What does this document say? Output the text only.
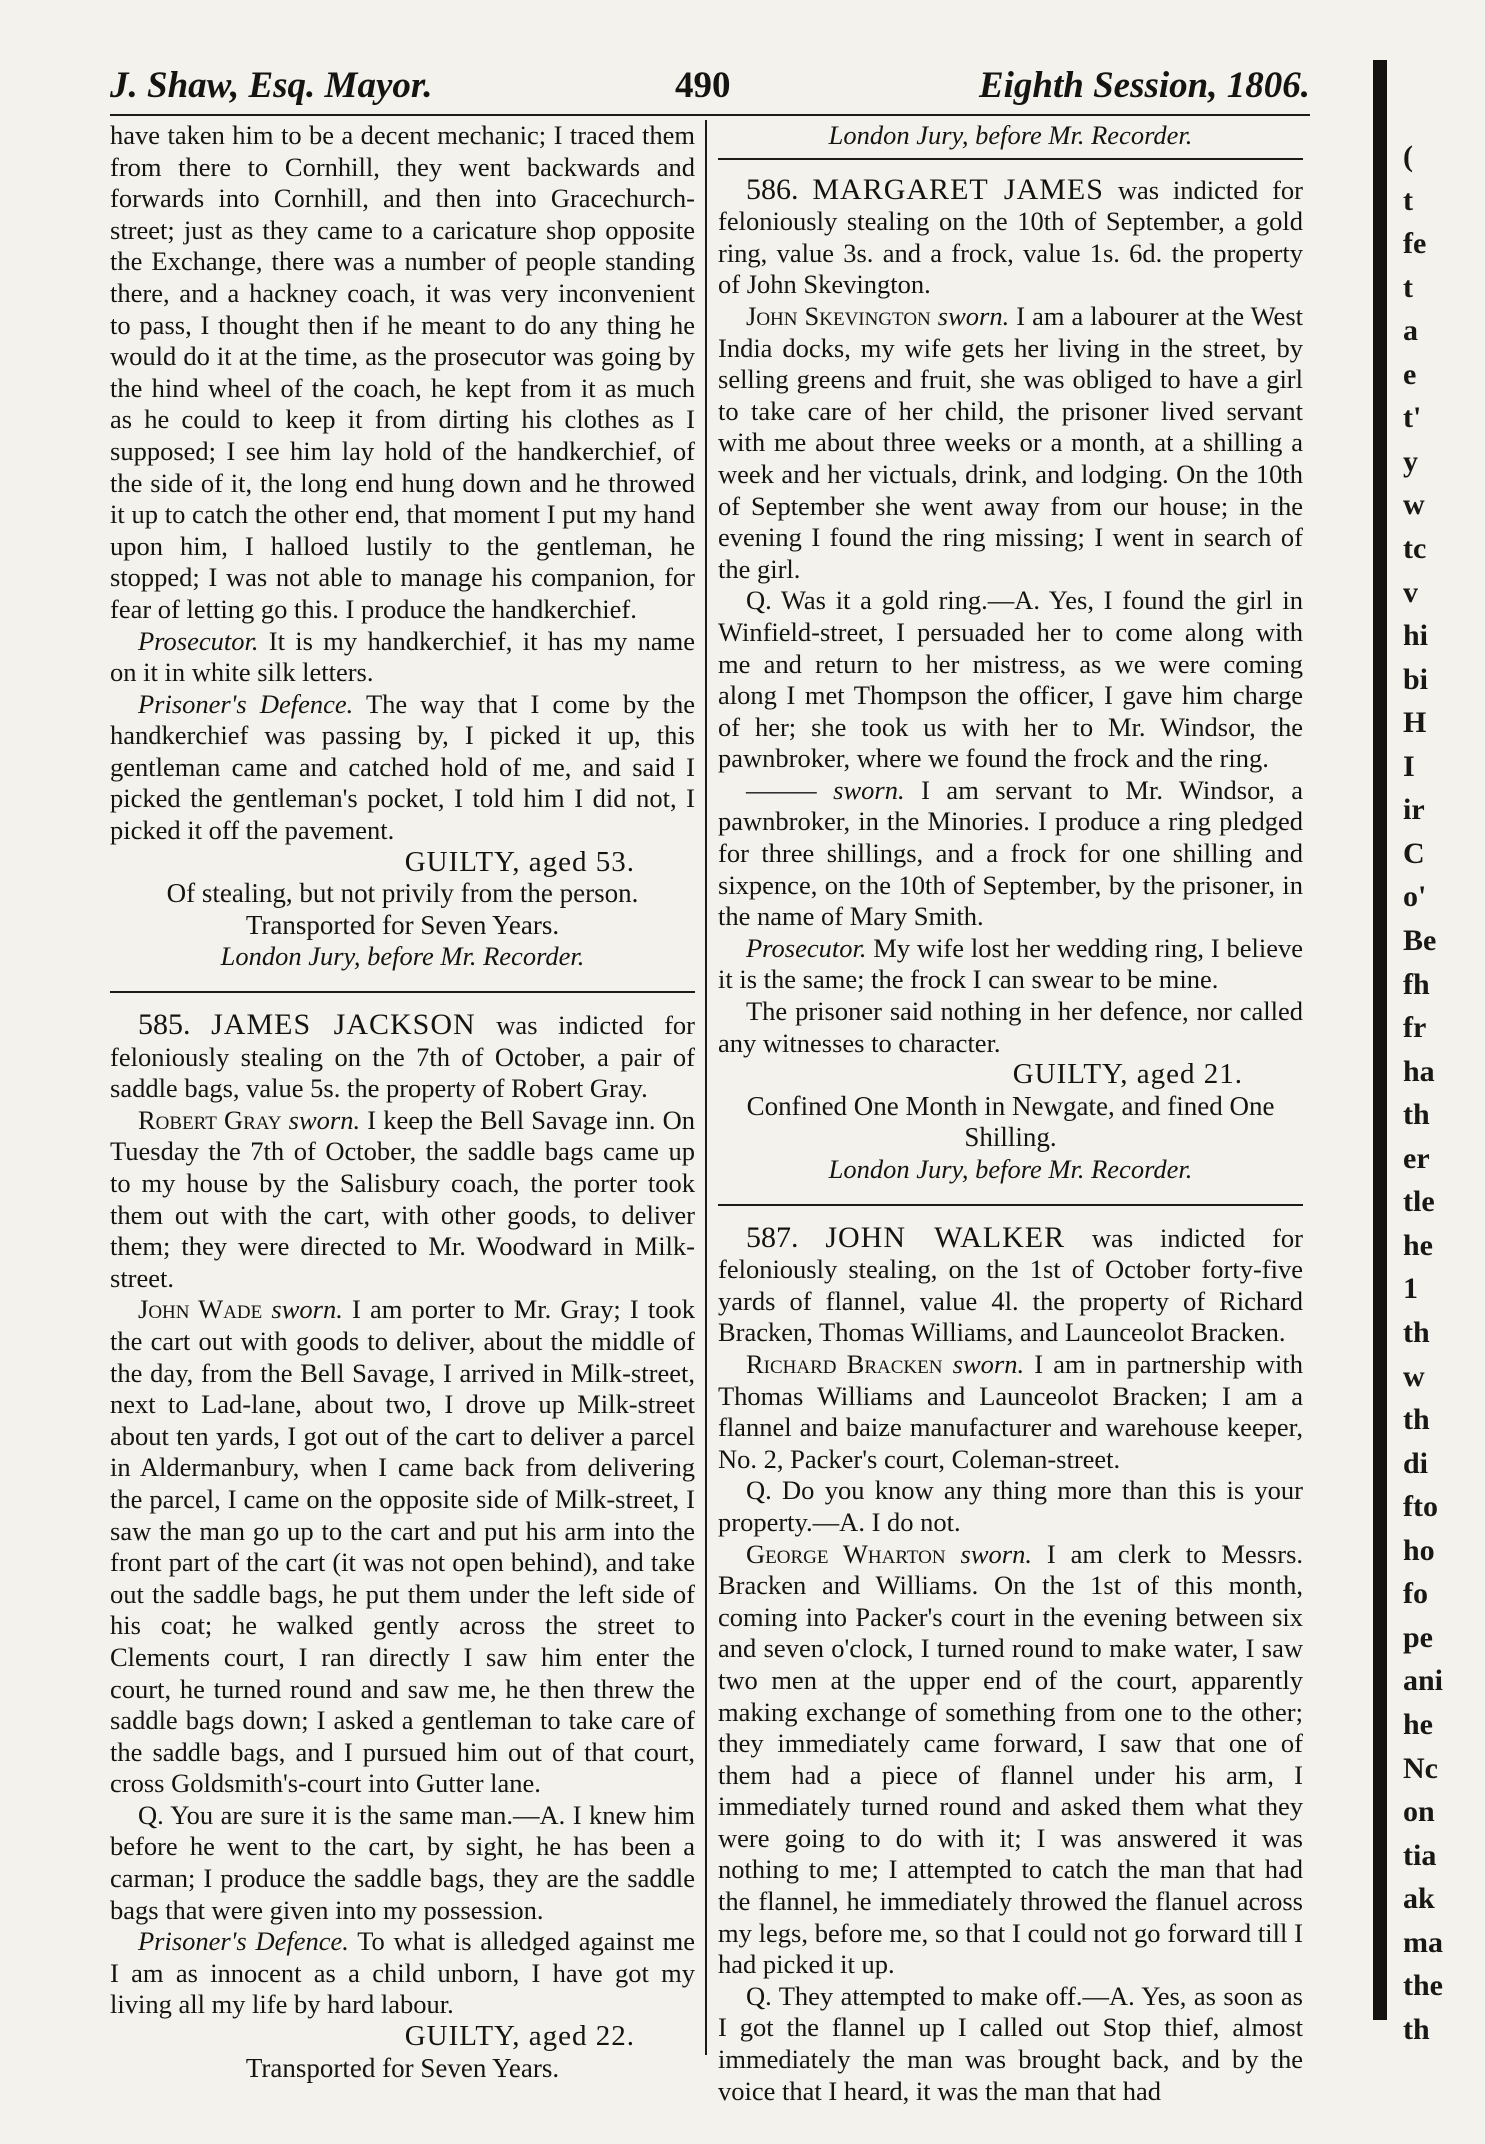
J. Shaw, Esq. Mayor.	490	Eighth Session, 1806.

have taken him to be a decent mechanic; I traced them from there to Cornhill, they went backwards and forwards into Cornhill, and then into Gracechurch-street; just as they came to a caricature shop opposite the Exchange, there was a number of people standing there, and a hackney coach, it was very inconvenient to pass, I thought then if he meant to do any thing he would do it at the time, as the prosecutor was going by the hind wheel of the coach, he kept from it as much as he could to keep it from dirting his clothes as I supposed; I see him lay hold of the handkerchief, of the side of it, the long end hung down and he throwed it up to catch the other end, that moment I put my hand upon him, I halloed lustily to the gentleman, he stopped; I was not able to manage his companion, for fear of letting go this. I produce the handkerchief.

Prosecutor. It is my handkerchief, it has my name on it in white silk letters.

Prisoner's Defence. The way that I come by the handkerchief was passing by, I picked it up, this gentleman came and catched hold of me, and said I picked the gentleman's pocket, I told him I did not, I picked it off the pavement.

GUILTY, aged 53.

Of stealing, but not privily from the person.

Transported for Seven Years.

London Jury, before Mr. Recorder.

585. JAMES JACKSON was indicted for feloniously stealing on the 7th of October, a pair of saddle bags, value 5s. the property of Robert Gray.

Robert Gray sworn. I keep the Bell Savage inn. On Tuesday the 7th of October, the saddle bags came up to my house by the Salisbury coach, the porter took them out with the cart, with other goods, to deliver them; they were directed to Mr. Woodward in Milk-street.

John Wade sworn. I am porter to Mr. Gray; I took the cart out with goods to deliver, about the middle of the day, from the Bell Savage, I arrived in Milk-street, next to Lad-lane, about two, I drove up Milk-street about ten yards, I got out of the cart to deliver a parcel in Aldermanbury, when I came back from delivering the parcel, I came on the opposite side of Milk-street, I saw the man go up to the cart and put his arm into the front part of the cart (it was not open behind), and take out the saddle bags, he put them under the left side of his coat; he walked gently across the street to Clements court, I ran directly I saw him enter the court, he turned round and saw me, he then threw the saddle bags down; I asked a gentleman to take care of the saddle bags, and I pursued him out of that court, cross Goldsmith's-court into Gutter lane.

Q. You are sure it is the same man.—A. I knew him before he went to the cart, by sight, he has been a carman; I produce the saddle bags, they are the saddle bags that were given into my possession.

Prisoner's Defence. To what is alledged against me I am as innocent as a child unborn, I have got my living all my life by hard labour.

GUILTY, aged 22.

Transported for Seven Years.

London Jury, before Mr. Recorder.

586. MARGARET JAMES was indicted for feloniously stealing on the 10th of September, a gold ring, value 3s. and a frock, value 1s. 6d. the property of John Skevington.

John Skevington sworn. I am a labourer at the West India docks, my wife gets her living in the street, by selling greens and fruit, she was obliged to have a girl to take care of her child, the prisoner lived servant with me about three weeks or a month, at a shilling a week and her victuals, drink, and lodging. On the 10th of September she went away from our house; in the evening I found the ring missing; I went in search of the girl.

Q. Was it a gold ring.—A. Yes, I found the girl in Winfield-street, I persuaded her to come along with me and return to her mistress, as we were coming along I met Thompson the officer, I gave him charge of her; she took us with her to Mr. Windsor, the pawnbroker, where we found the frock and the ring.

——— sworn. I am servant to Mr. Windsor, a pawnbroker, in the Minories. I produce a ring pledged for three shillings, and a frock for one shilling and sixpence, on the 10th of September, by the prisoner, in the name of Mary Smith.

Prosecutor. My wife lost her wedding ring, I believe it is the same; the frock I can swear to be mine.

The prisoner said nothing in her defence, nor called any witnesses to character.

GUILTY, aged 21.

Confined One Month in Newgate, and fined One Shilling.

London Jury, before Mr. Recorder.

587. JOHN WALKER was indicted for feloniously stealing, on the 1st of October forty-five yards of flannel, value 4l. the property of Richard Bracken, Thomas Williams, and Launceolot Bracken.

Richard Bracken sworn. I am in partnership with Thomas Williams and Launceolot Bracken; I am a flannel and baize manufacturer and warehouse keeper, No. 2, Packer's court, Coleman-street.

Q. Do you know any thing more than this is your property.—A. I do not.

George Wharton sworn. I am clerk to Messrs. Bracken and Williams. On the 1st of this month, coming into Packer's court in the evening between six and seven o'clock, I turned round to make water, I saw two men at the upper end of the court, apparently making exchange of something from one to the other; they immediately came forward, I saw that one of them had a piece of flannel under his arm, I immediately turned round and asked them what they were going to do with it; I was answered it was nothing to me; I attempted to catch the man that had the flannel, he immediately throwed the flanuel across my legs, before me, so that I could not go forward till I had picked it up.

Q. They attempted to make off.—A. Yes, as soon as I got the flannel up I called out Stop thief, almost immediately the man was brought back, and by the voice that I heard, it was the man that had

(
t
fe
t
a
e
t'
y
w
tc
v
hi
bi
H
I
ir
C
o'
Be
fh
fr
ha
th
er
tle
he
1
th
w
th
di
fto
ho
fo
pe
ani
he
Nc
on
tia
ak
ma
the
th
